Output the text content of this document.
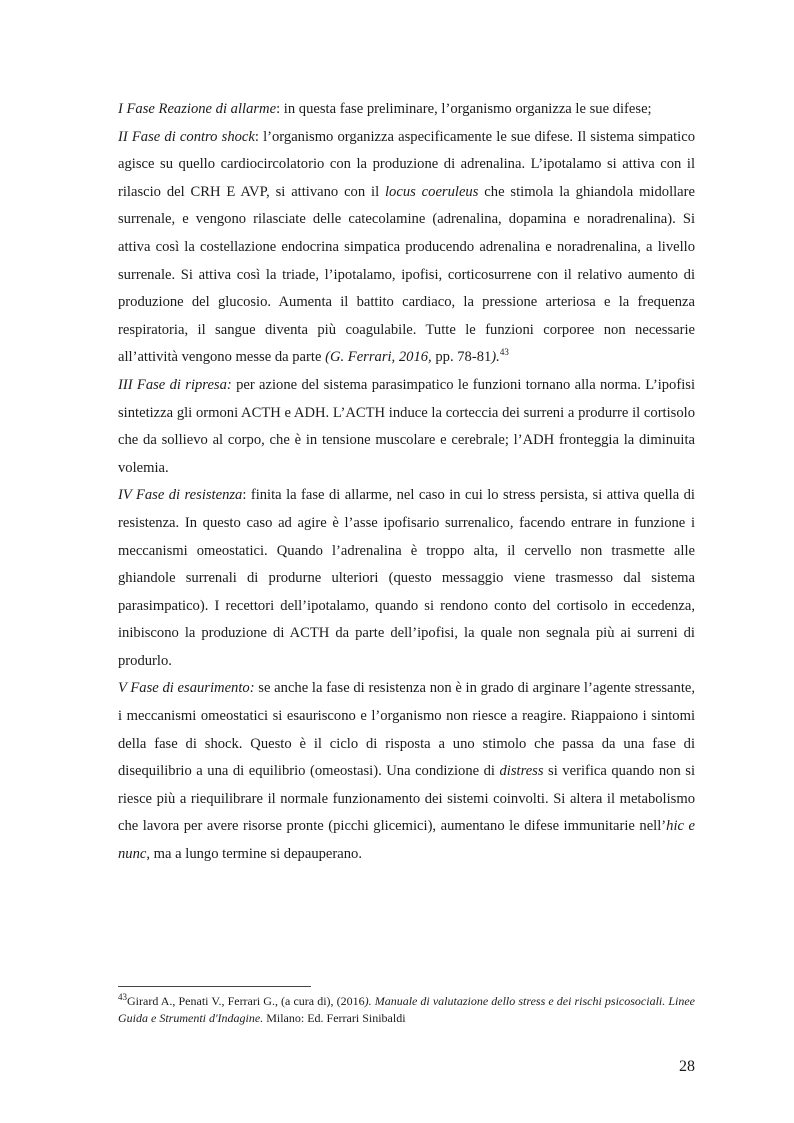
I Fase Reazione di allarme: in questa fase preliminare, l’organismo organizza le sue difese;

II Fase di contro shock: l’organismo organizza aspecificamente le sue difese. Il sistema simpatico agisce su quello cardiocircolatorio con la produzione di adrenalina. L’ipotalamo si attiva con il rilascio del CRH E AVP, si attivano con il locus coeruleus che stimola la ghiandola midollare surrenale, e vengono rilasciate delle catecolamine (adrenalina, dopamina e noradrenalina). Si attiva così la costellazione endocrina simpatica producendo adrenalina e noradrenalina, a livello surrenale. Si attiva così la triade, l’ipotalamo, ipofisi, corticosurrene con il relativo aumento di produzione del glucosio. Aumenta il battito cardiaco, la pressione arteriosa e la frequenza respiratoria, il sangue diventa più coagulabile. Tutte le funzioni corporee non necessarie all’attività vengono messe da parte (G. Ferrari, 2016, pp. 78-81).$^{43}$

III Fase di ripresa: per azione del sistema parasimpatico le funzioni tornano alla norma. L’ipofisi sintetizza gli ormoni ACTH e ADH. L’ACTH induce la corteccia dei surreni a produrre il cortisolo che da sollievo al corpo, che è in tensione muscolare e cerebrale; l’ADH fronteggia la diminuita volemia.

IV Fase di resistenza: finita la fase di allarme, nel caso in cui lo stress persista, si attiva quella di resistenza. In questo caso ad agire è l’asse ipofisario surrenalico, facendo entrare in funzione i meccanismi omeostatici. Quando l’adrenalina è troppo alta, il cervello non trasmette alle ghiandole surrenali di produrne ulteriori (questo messaggio viene trasmesso dal sistema parasimpatico). I recettori dell’ipotalamo, quando si rendono conto del cortisolo in eccedenza, inibiscono la produzione di ACTH da parte dell’ipofisi, la quale non segnala più ai surreni di produrlo.

V Fase di esaurimento: se anche la fase di resistenza non è in grado di arginare l’agente stressante, i meccanismi omeostatici si esauriscono e l’organismo non riesce a reagire. Riappaiono i sintomi della fase di shock. Questo è il ciclo di risposta a uno stimolo che passa da una fase di disequilibrio a una di equilibrio (omeostasi). Una condizione di distress si verifica quando non si riesce più a riequilibrare il normale funzionamento dei sistemi coinvolti. Si altera il metabolismo che lavora per avere risorse pronte (picchi glicemici), aumentano le difese immunitarie nell’hic e nunc, ma a lungo termine si depauperano.

$^{43}$Girard A., Penati V., Ferrari G., (a cura di), (2016). Manuale di valutazione dello stress e dei rischi psicosociali. Linee Guida e Strumenti d'Indagine. Milano: Ed. Ferrari Sinibaldi

28
